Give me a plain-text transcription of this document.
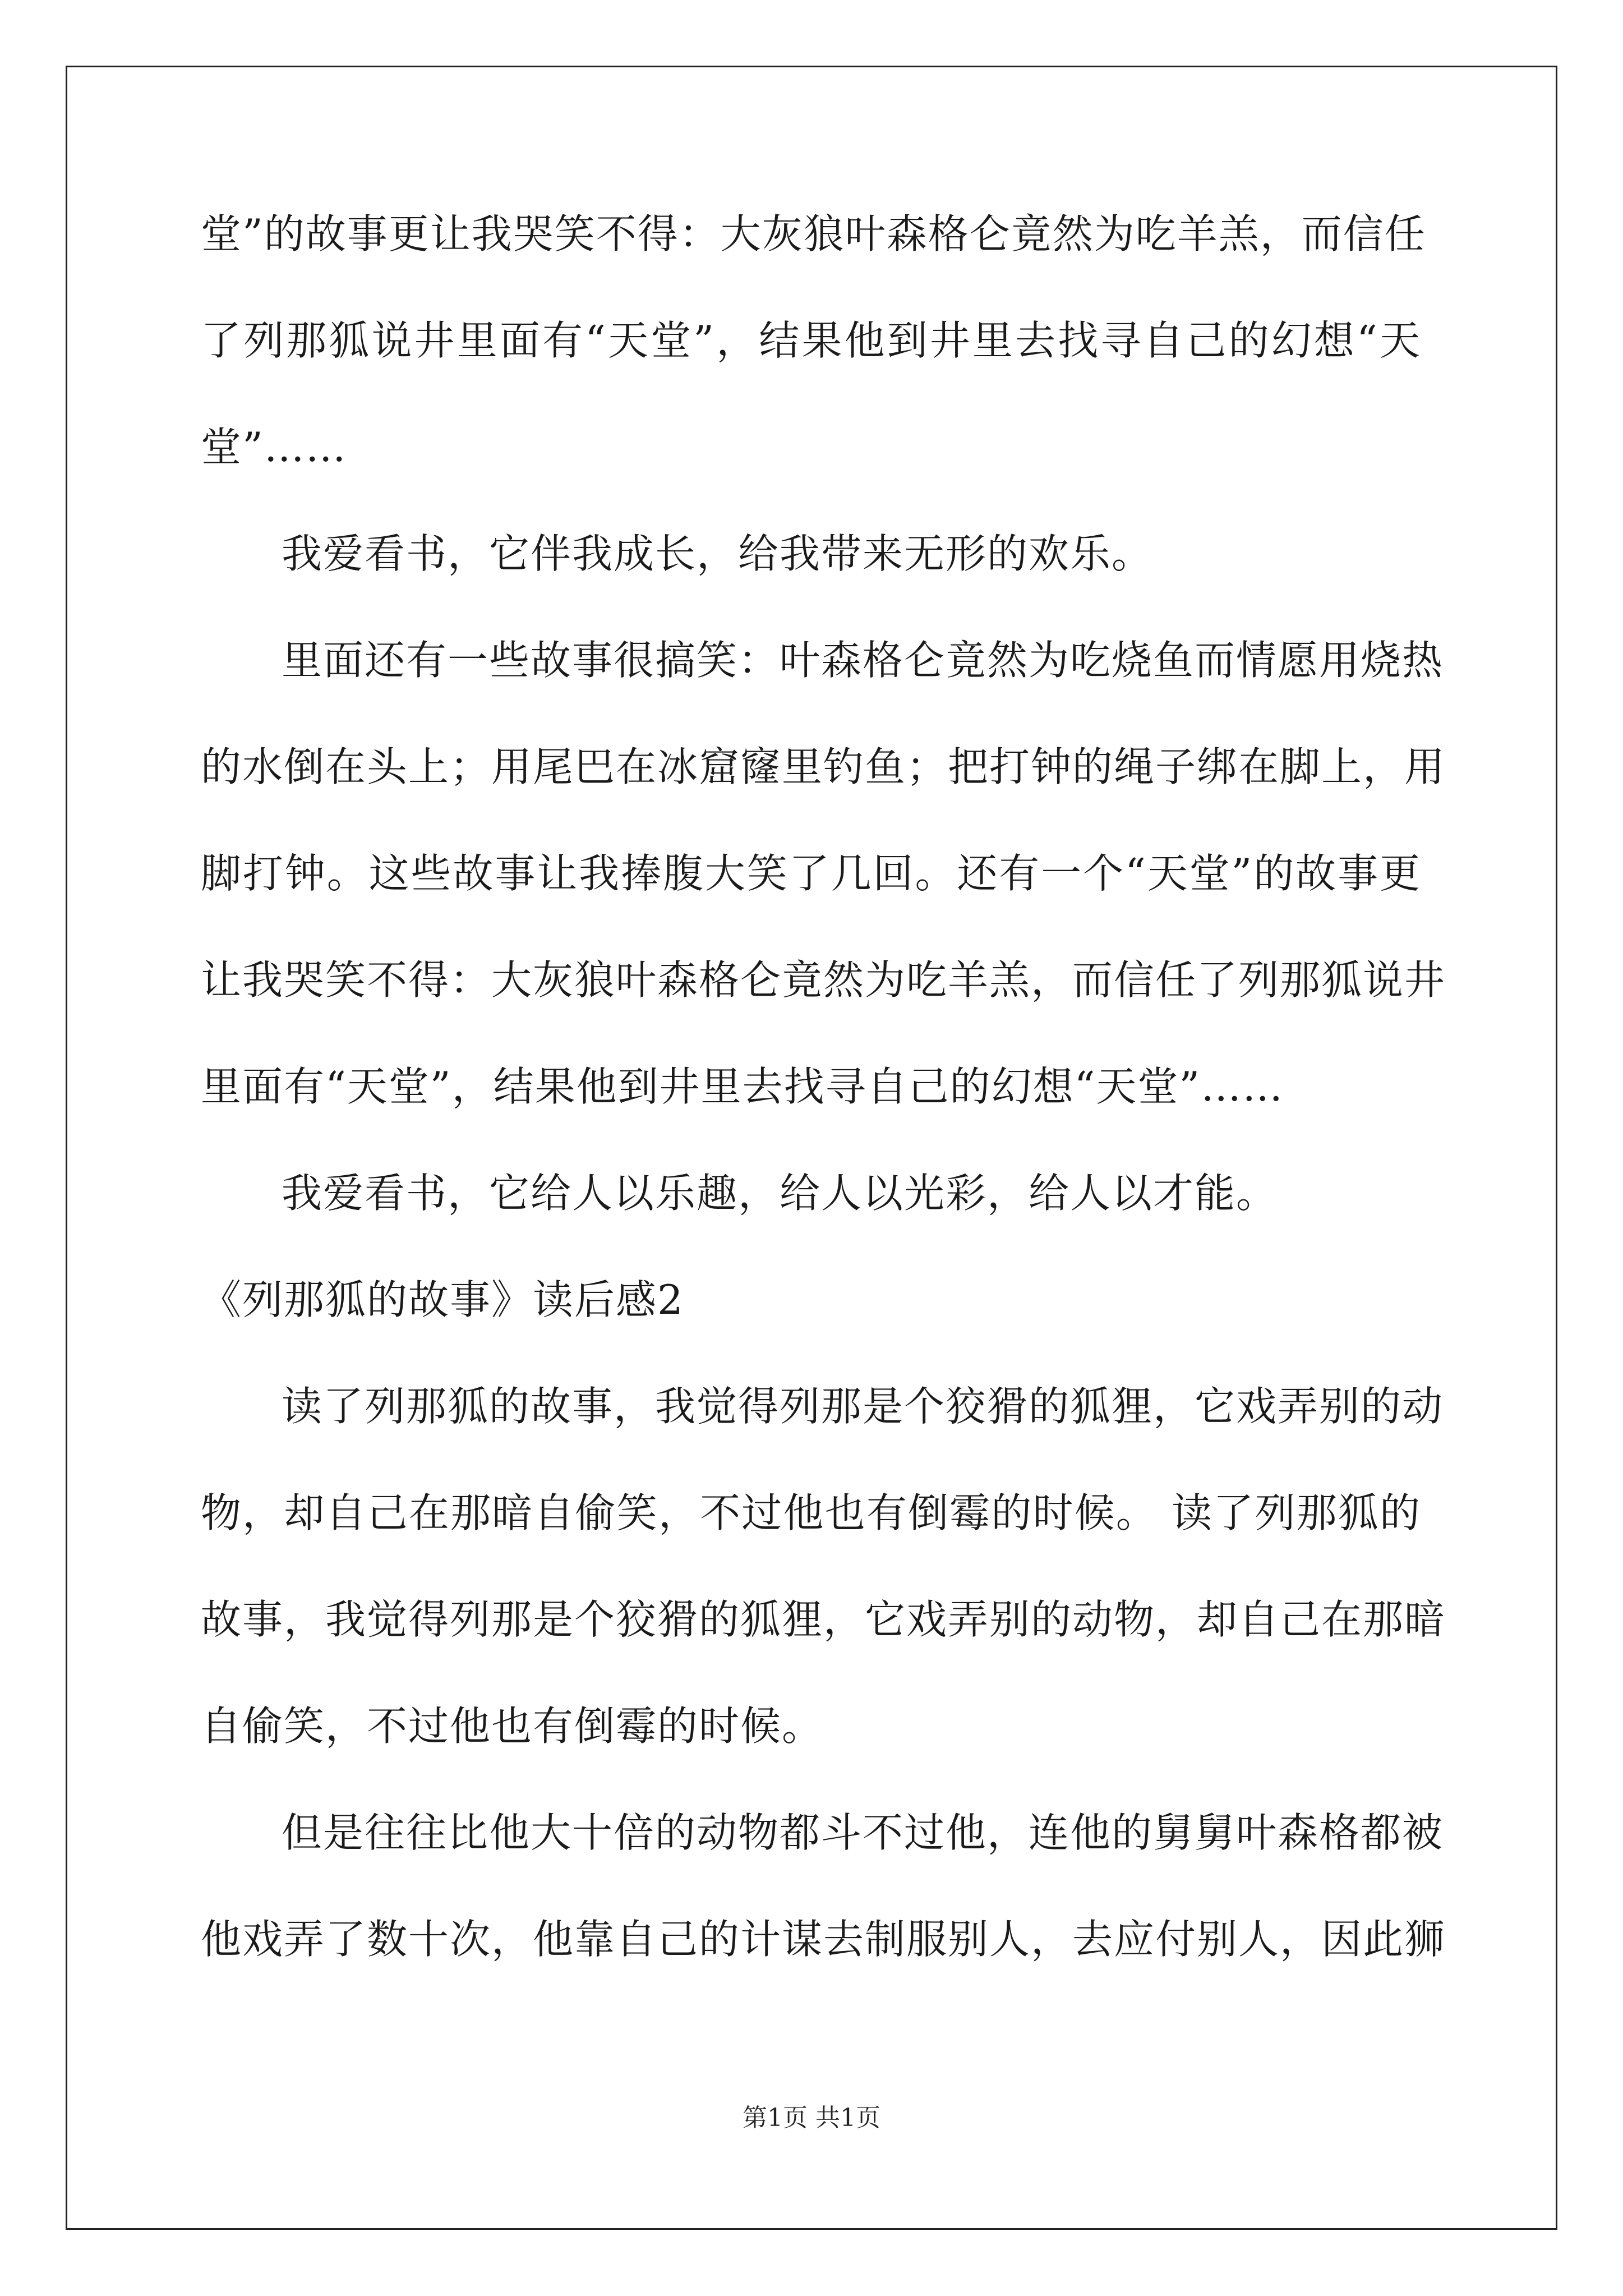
堂”的故事更让我哭笑不得：大灰狼叶森格仑竟然为吃羊羔，而信任

了列那狐说井里面有“天堂”，结果他到井里去找寻自己的幻想“天

堂”……

我爱看书，它伴我成长，给我带来无形的欢乐。

里面还有一些故事很搞笑：叶森格仑竟然为吃烧鱼而情愿用烧热

的水倒在头上；用尾巴在冰窟窿里钓鱼；把打钟的绳子绑在脚上，用

脚打钟。这些故事让我捧腹大笑了几回。还有一个“天堂”的故事更

让我哭笑不得：大灰狼叶森格仑竟然为吃羊羔，而信任了列那狐说井

里面有“天堂”，结果他到井里去找寻自己的幻想“天堂”……

我爱看书，它给人以乐趣，给人以光彩，给人以才能。

《列那狐的故事》读后感2

读了列那狐的故事，我觉得列那是个狡猾的狐狸，它戏弄别的动

物，却自己在那暗自偷笑，不过他也有倒霉的时候。 读了列那狐的

故事，我觉得列那是个狡猾的狐狸，它戏弄别的动物，却自己在那暗

自偷笑，不过他也有倒霉的时候。

但是往往比他大十倍的动物都斗不过他，连他的舅舅叶森格都被

他戏弄了数十次，他靠自己的计谋去制服别人，去应付别人，因此狮

第1页 共1页
